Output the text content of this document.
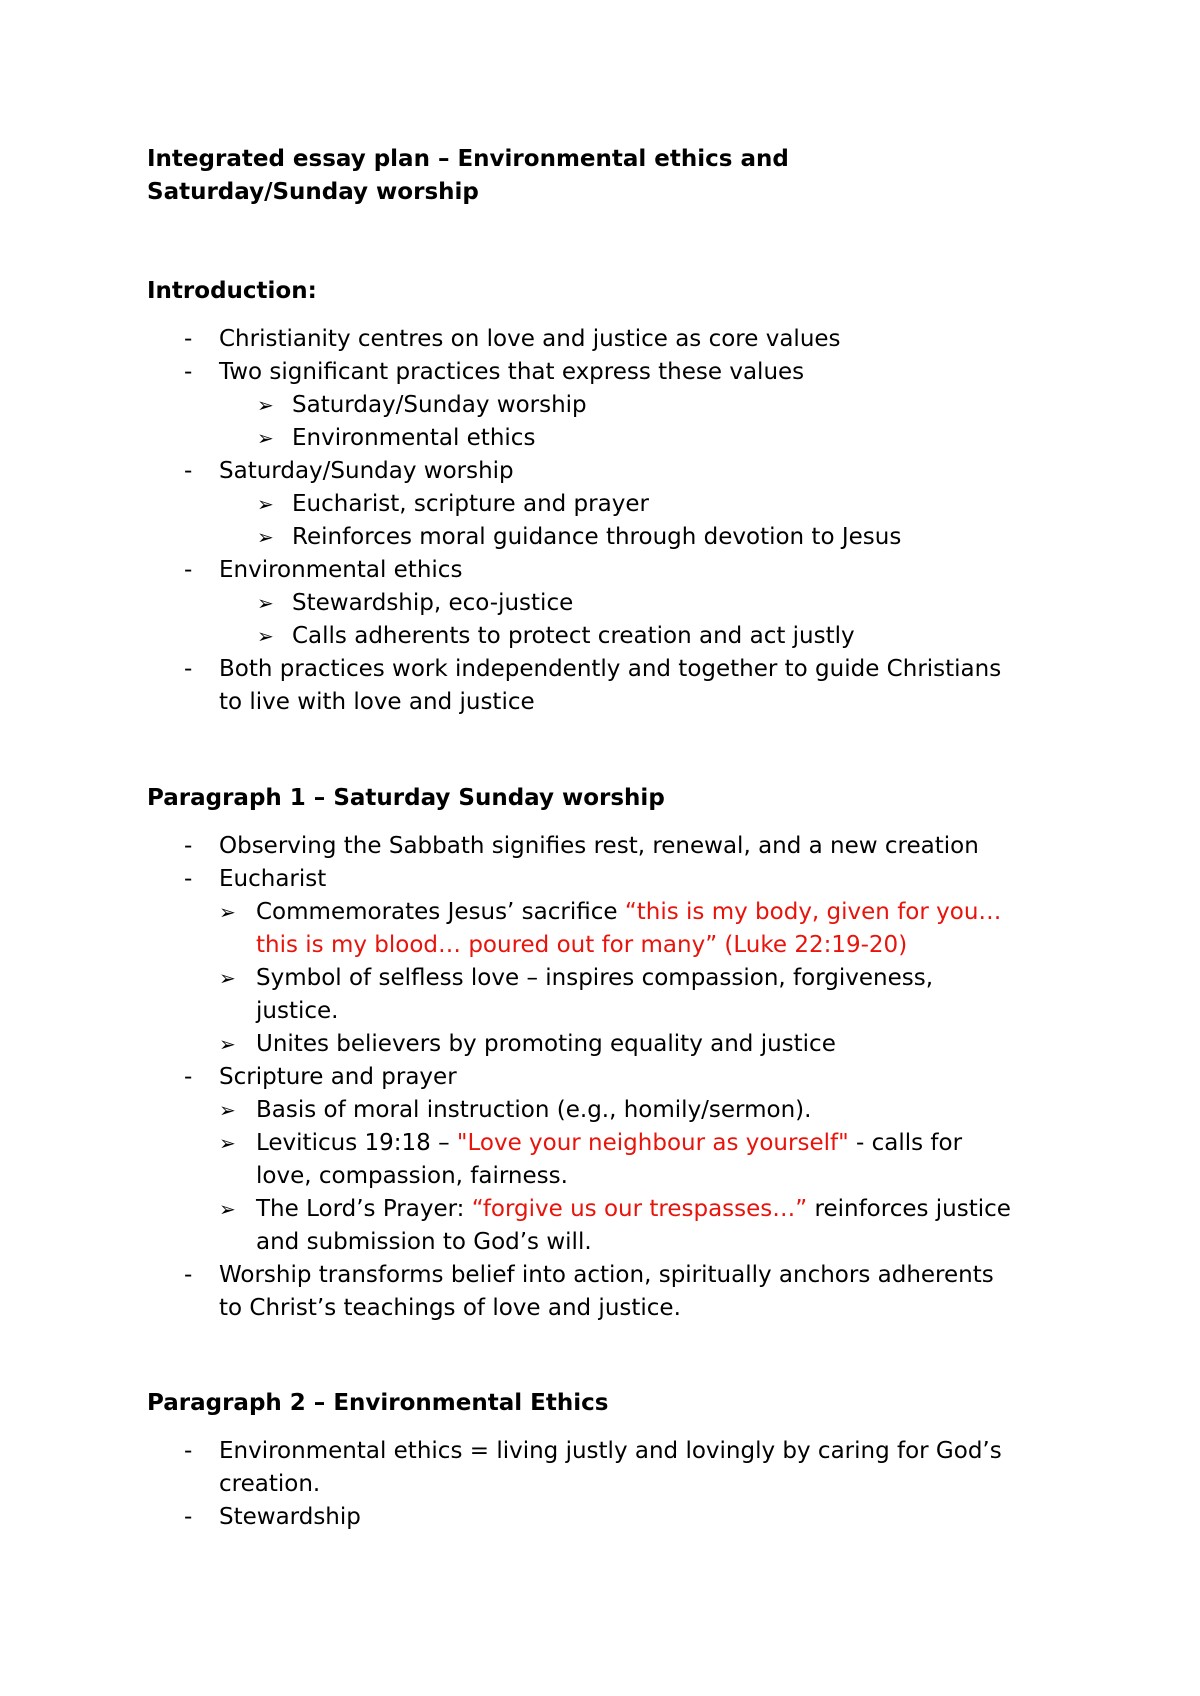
Integrated essay plan – Environmental ethics and
Saturday/Sunday worship
Introduction:
- Christianity centres on love and justice as core values
- Two significant practices that express these values
➢ Saturday/Sunday worship
➢ Environmental ethics
- Saturday/Sunday worship
➢ Eucharist, scripture and prayer
➢ Reinforces moral guidance through devotion to Jesus
- Environmental ethics
➢ Stewardship, eco-justice
➢ Calls adherents to protect creation and act justly
- Both practices work independently and together to guide Christians
to live with love and justice
Paragraph 1 – Saturday Sunday worship
- Observing the Sabbath signifies rest, renewal, and a new creation
- Eucharist
➢ Commemorates Jesus’ sacrifice “this is my body, given for you…
this is my blood… poured out for many” (Luke 22:19-20)
➢ Symbol of selfless love – inspires compassion, forgiveness,
justice.
➢ Unites believers by promoting equality and justice
- Scripture and prayer
➢ Basis of moral instruction (e.g., homily/sermon).
➢ Leviticus 19:18 – "Love your neighbour as yourself" - calls for
love, compassion, fairness.
➢ The Lord’s Prayer: “forgive us our trespasses…” reinforces justice
and submission to God’s will.
- Worship transforms belief into action, spiritually anchors adherents
to Christ’s teachings of love and justice.
Paragraph 2 – Environmental Ethics
- Environmental ethics = living justly and lovingly by caring for God’s
creation.
- Stewardship
